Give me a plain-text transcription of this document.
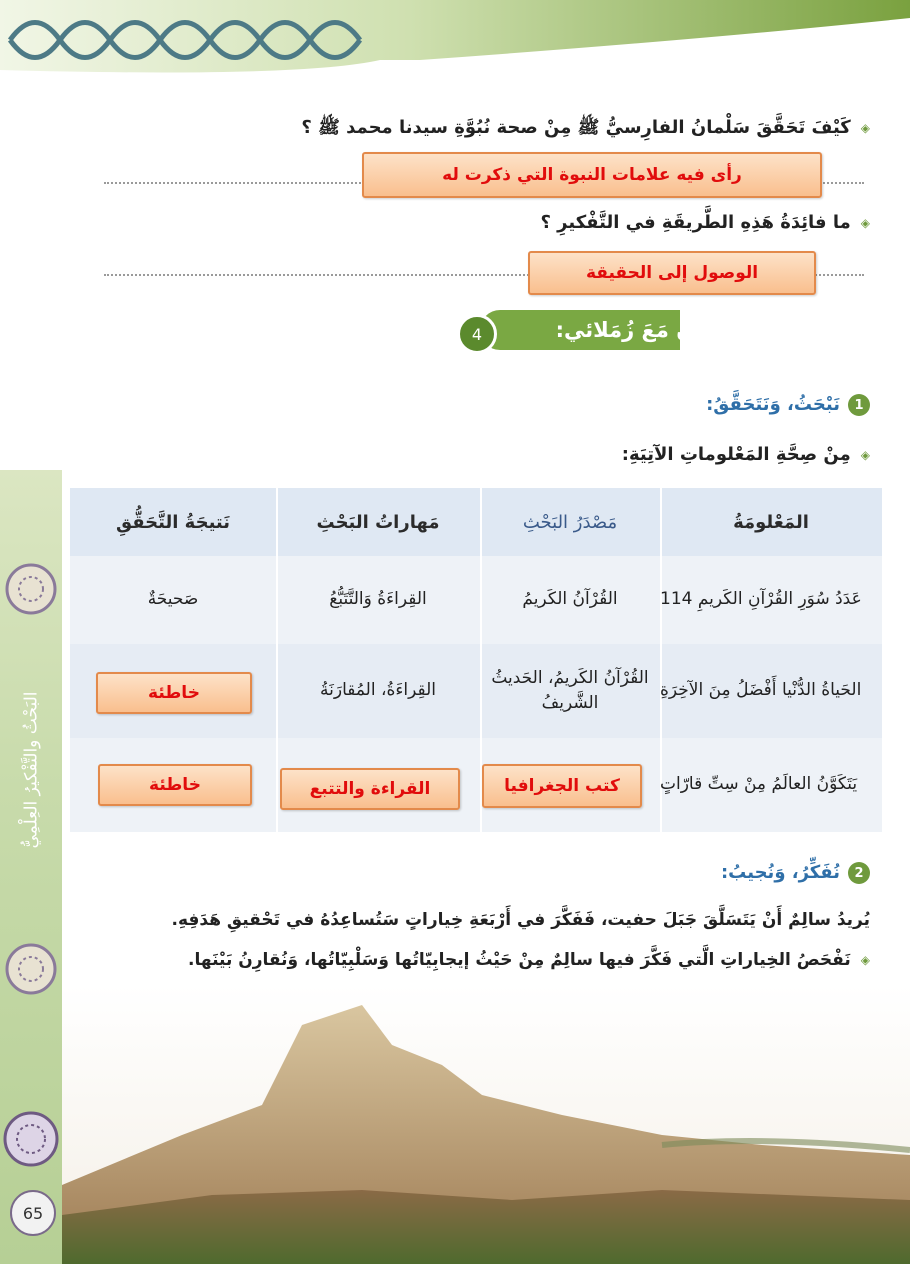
البَحْثُ والتَّفْكيرُ العِلْمِيُّ
65
◈كَيْفَ تَحَقَّقَ سَلْمانُ الفارِسيُّ ﷺ مِنْ صحة نُبُوَّةِ سيدنا محمد ﷺ ؟
رأى فيه علامات النبوة التي ذكرت له
◈ما فائِدَةُ هَذِهِ الطَّريقَةِ في التَّفْكيرِ ؟
الوصول إلى الحقيقة
أَتَعاوَنُ مَعَ زُمَلائي:
4
1نَبْحَثُ، وَنَتَحَقَّقُ:
◈مِنْ صِحَّةِ المَعْلوماتِ الآتِيَةِ:
المَعْلومَةُ
مَصْدَرُ البَحْثِ
مَهاراتُ البَحْثِ
نَتيجَةُ التَّحَقُّقِ
عَدَدُ سُوَرِ القُرْآنِ الكَريمِ 114
القُرْآنُ الكَريمُ
القِراءَةُ وَالتَّتَبُّعُ
صَحيحَةٌ
الحَياةُ الدُّنْيا أَفْضَلُ مِنَ الآخِرَةِ
القُرْآنُ الكَريمُ، الحَديثُ الشَّريفُ
القِراءَةُ، المُقارَنَةُ
خاطئة
يَتَكَوَّنُ العالَمُ مِنْ سِتِّ قارّاتٍ
كتب الجغرافيا
القراءة والتتبع
خاطئة
2نُفَكِّرُ، وَنُجيبُ:
يُريدُ سالِمٌ أَنْ يَتَسَلَّقَ جَبَلَ حفيت، فَفَكَّرَ في أَرْبَعَةِ خِياراتٍ سَتُساعِدُهُ في تَحْقيقِ هَدَفِهِ.
◈نَفْحَصُ الخِياراتِ الَّتي فَكَّرَ فيها سالِمٌ مِنْ حَيْثُ إيجابِيّاتُها وَسَلْبِيّاتُها، وَنُقارِنُ بَيْنَها.
